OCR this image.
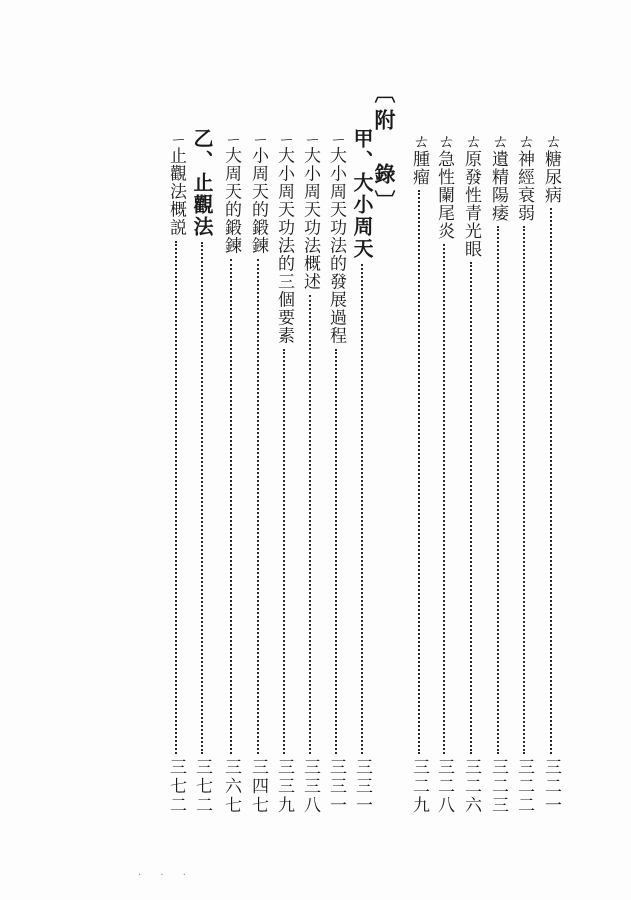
〔附　錄〕	ㄊ糖尿病
三二一
ㄊ神經衰弱
三二二
ㄊ遺精陽痿
三二三
ㄊ原發性青光眼
三二六
ㄊ急性闌尾炎
三二八
ㄊ腫瘤
三二九
甲、大小周天
三三一
ㄧ大小周天功法的發展過程
三三一
ㄧ大小周天功法概述
三三八
ㄧ大小周天功法的三個要素
三三九
ㄧ小周天的鍛鍊
三四七
ㄧ大周天的鍛鍊
三六七
乙、止觀法
三七二
ㄧ止觀法概説
三七二
· · ·
